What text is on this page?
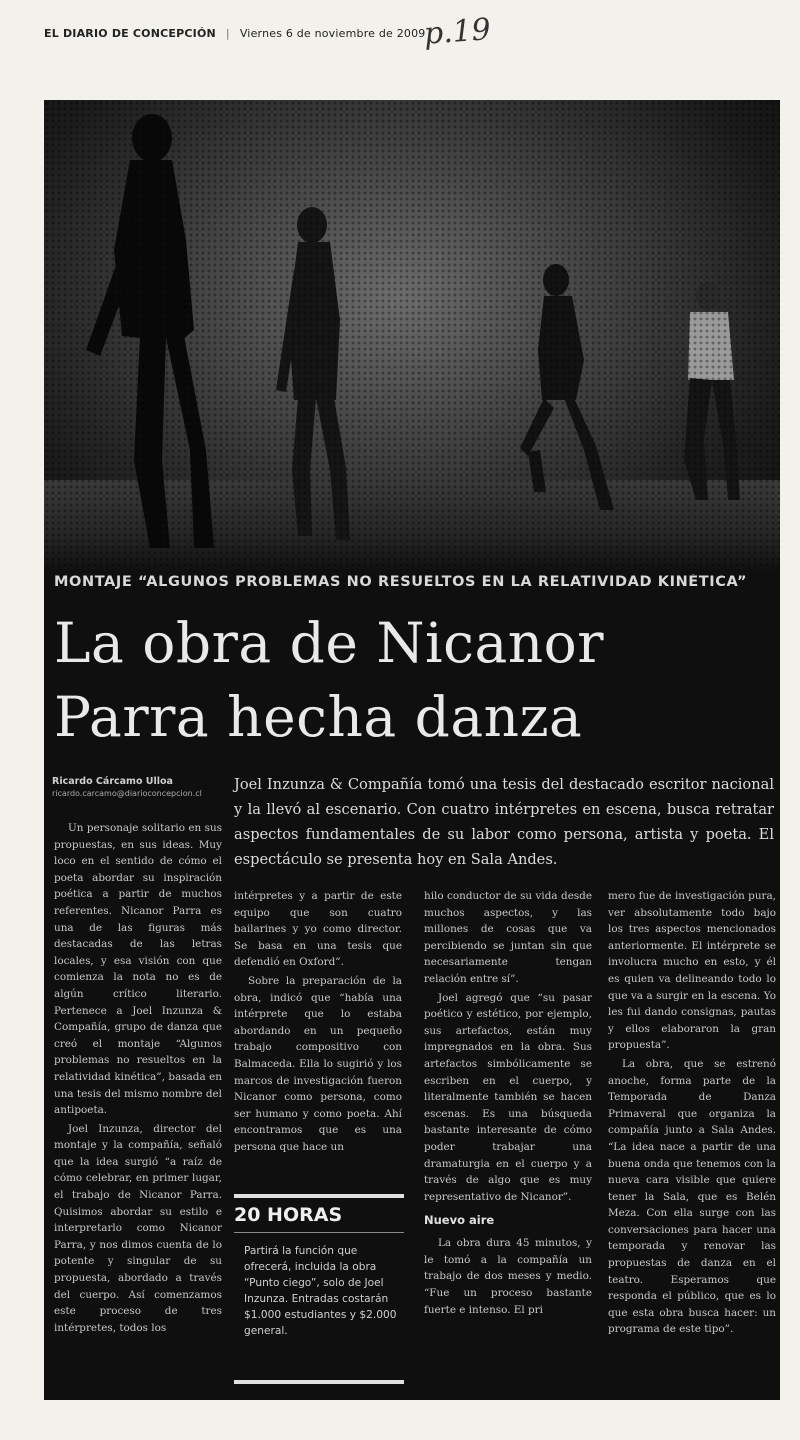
EL DIARIO DE CONCEPCIÓN | Viernes 6 de noviembre de 2009
p.19
MONTAJE “ALGUNOS PROBLEMAS NO RESUELTOS EN LA RELATIVIDAD KINÉTICA”
La obra de Nicanor
Parra hecha danza
Ricardo Cárcamo Ulloa
ricardo.carcamo@diarioconcepcion.cl
Joel Inzunza & Compañía tomó una tesis del destacado escritor nacional y la llevó al escenario. Con cuatro intérpretes en escena, busca retratar aspectos fundamentales de su labor como persona, artista y poeta. El espectáculo se presenta hoy en Sala Andes.

Un personaje solitario en sus propuestas, en sus ideas. Muy loco en el sentido de cómo el poeta abordar su inspiración poética a partir de muchos referentes. Nicanor Parra es una de las figuras más destacadas de las letras locales, y esa visión con que comienza la nota no es de algún crítico literario. Pertenece a Joel Inzunza & Compañía, grupo de danza que creó el montaje “Algunos problemas no resueltos en la relatividad kinética”, basada en una tesis del mismo nombre del antipoeta.

Joel Inzunza, director del montaje y la compañía, señaló que la idea surgió “a raíz de cómo celebrar, en primer lugar, el trabajo de Nicanor Parra. Quisimos abordar su estilo e interpretarlo como Nicanor Parra, y nos dimos cuenta de lo potente y singular de su propuesta, abordado a través del cuerpo. Así comenzamos este proceso de tres intérpretes, todos los

intérpretes y a partir de este equipo que son cuatro bailarines y yo como director. Se basa en una tesis que defendió en Oxford”.

Sobre la preparación de la obra, indicó que “había una intérprete que lo estaba abordando en un pequeño trabajo compositivo con Balmaceda. Ella lo sugirió y los marcos de investigación fueron Nicanor como persona, como ser humano y como poeta. Ahí encontramos que es una persona que hace un

20 HORAS
Partirá la función que ofrecerá, incluida la obra “Punto ciego”, solo de Joel Inzunza. Entradas costarán $1.000 estudiantes y $2.000 general.

hilo conductor de su vida desde muchos aspectos, y las millones de cosas que va percibiendo se juntan sin que necesariamente tengan relación entre sí”.

Joel agregó que “su pasar poético y estético, por ejemplo, sus artefactos, están muy impregnados en la obra. Sus artefactos simbólicamente se escriben en el cuerpo, y literalmente también se hacen escenas. Es una búsqueda bastante interesante de cómo poder trabajar una dramaturgia en el cuerpo y a través de algo que es muy representativo de Nicanor”.

La obra dura 45 minutos, y le tomó a la compañía un trabajo de dos meses y medio. “Fue un proceso bastante fuerte e intenso. El pri

Nuevo aire

mero fue de investigación pura, ver absolutamente todo bajo los tres aspectos mencionados anteriormente. El intérprete se involucra mucho en esto, y él es quien va delineando todo lo que va a surgir en la escena. Yo les fui dando consignas, pautas y ellos elaboraron la gran propuesta”.

La obra, que se estrenó anoche, forma parte de la Temporada de Danza Primaveral que organiza la compañía junto a Sala Andes. “La idea nace a partir de una buena onda que tenemos con la nueva cara visible que quiere tener la Sala, que es Belén Meza. Con ella surge con las conversaciones para hacer una temporada y renovar las propuestas de danza en el teatro. Esperamos que responda el público, que es lo que esta obra busca hacer: un programa de este tipo”.
